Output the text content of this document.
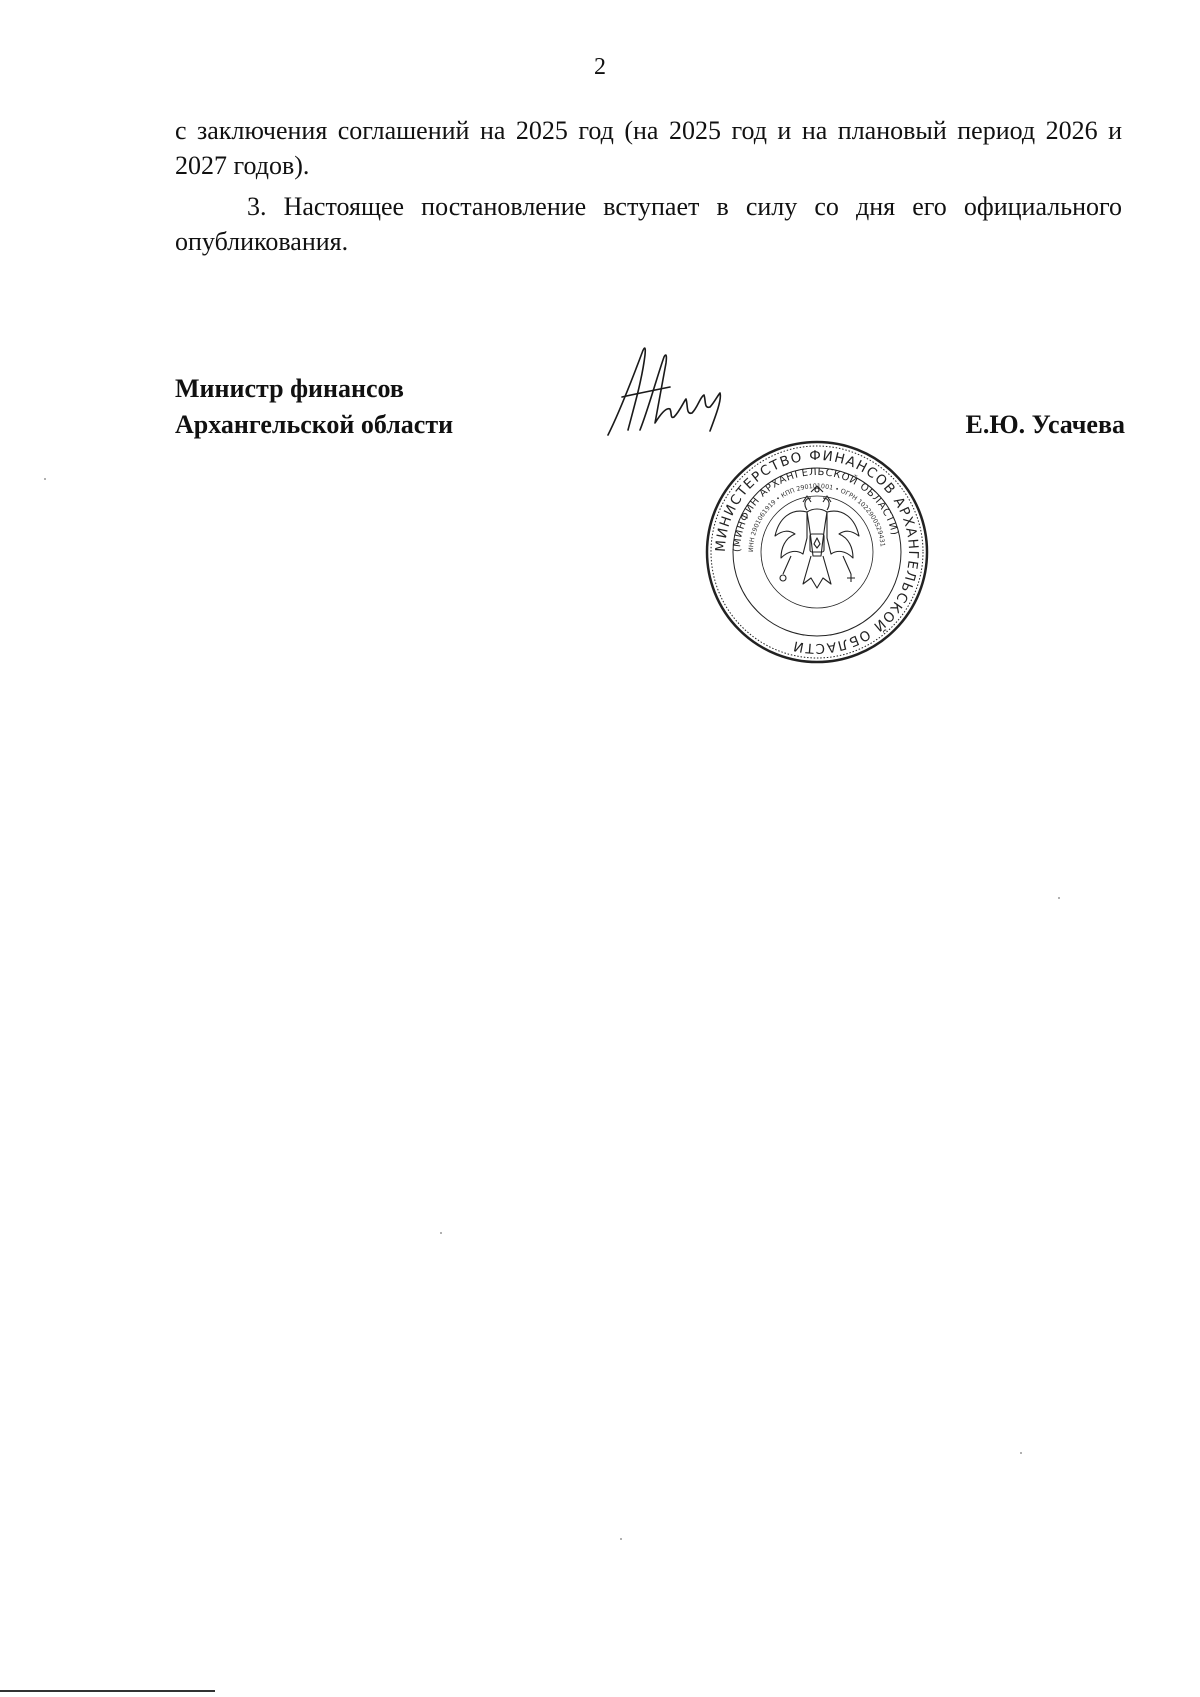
2

с заключения соглашений на 2025 год (на 2025 год и на плановый период 2026 и 2027 годов).

3. Настоящее постановление вступает в силу со дня его официального опубликования.

Министр финансов
Архангельской области	Е.Ю. Усачева
МИНИСТЕРСТВО ФИНАНСОВ АРХАНГЕЛЬСКОЙ ОБЛАСТИ
(МИНФИН АРХАНГЕЛЬСКОЙ ОБЛАСТИ)
ИНН 2901061919 • КПП 290101001 • ОГРН 1022900529431
